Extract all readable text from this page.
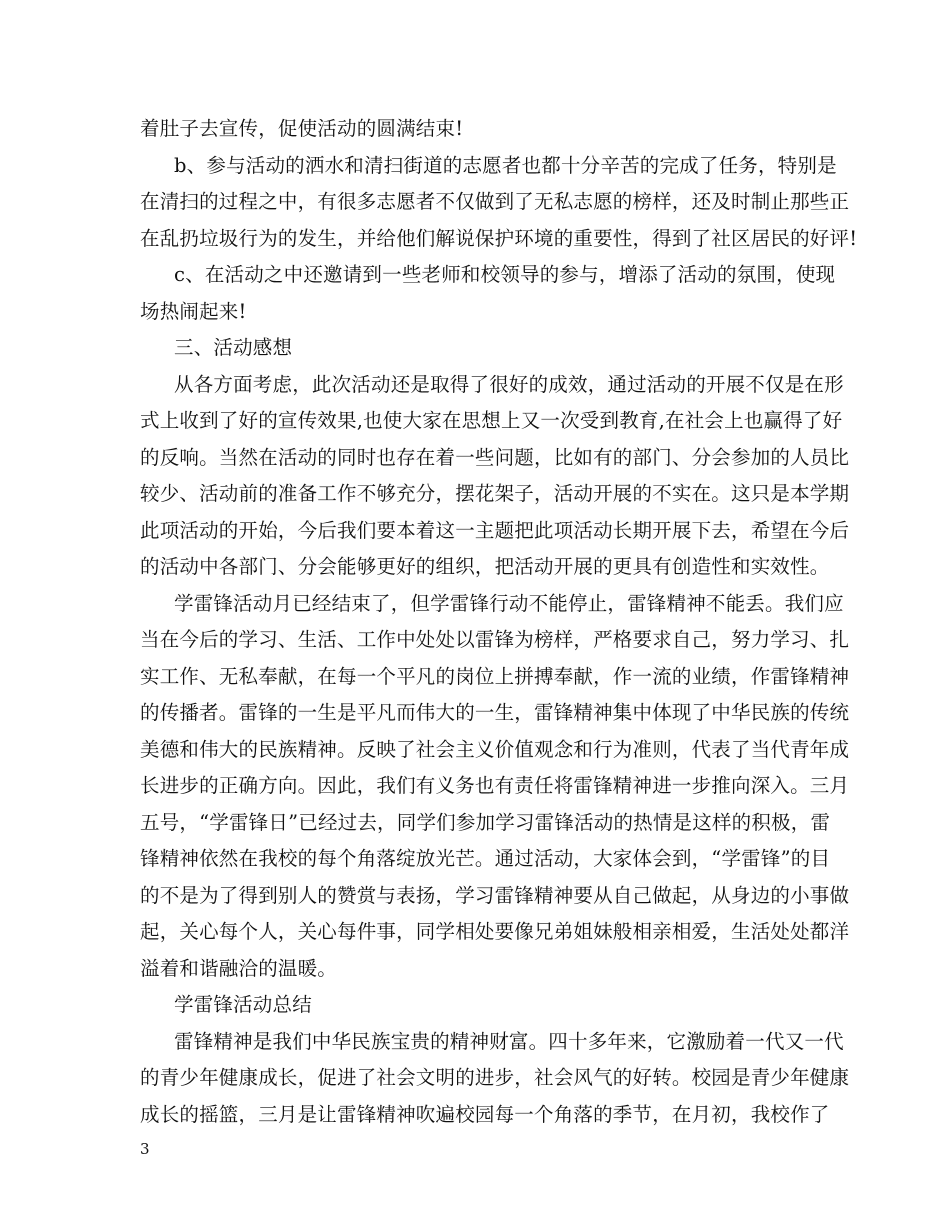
着肚子去宣传，促使活动的圆满结束!
b、参与活动的洒水和清扫街道的志愿者也都十分辛苦的完成了任务，特别是
在清扫的过程之中，有很多志愿者不仅做到了无私志愿的榜样，还及时制止那些正
在乱扔垃圾行为的发生，并给他们解说保护环境的重要性，得到了社区居民的好评!
c、在活动之中还邀请到一些老师和校领导的参与，增添了活动的氛围，使现
场热闹起来!
三、活动感想
从各方面考虑，此次活动还是取得了很好的成效，通过活动的开展不仅是在形
式上收到了好的宣传效果,也使大家在思想上又一次受到教育,在社会上也赢得了好
的反响。当然在活动的同时也存在着一些问题，比如有的部门、分会参加的人员比
较少、活动前的准备工作不够充分，摆花架子，活动开展的不实在。这只是本学期
此项活动的开始，今后我们要本着这一主题把此项活动长期开展下去，希望在今后
的活动中各部门、分会能够更好的组织，把活动开展的更具有创造性和实效性。
学雷锋活动月已经结束了，但学雷锋行动不能停止，雷锋精神不能丢。我们应
当在今后的学习、生活、工作中处处以雷锋为榜样，严格要求自己，努力学习、扎
实工作、无私奉献，在每一个平凡的岗位上拼搏奉献，作一流的业绩，作雷锋精神
的传播者。雷锋的一生是平凡而伟大的一生，雷锋精神集中体现了中华民族的传统
美德和伟大的民族精神。反映了社会主义价值观念和行为准则，代表了当代青年成
长进步的正确方向。因此，我们有义务也有责任将雷锋精神进一步推向深入。三月
五号，“学雷锋日”已经过去，同学们参加学习雷锋活动的热情是这样的积极，雷
锋精神依然在我校的每个角落绽放光芒。通过活动，大家体会到，“学雷锋”的目
的不是为了得到别人的赞赏与表扬，学习雷锋精神要从自己做起，从身边的小事做
起，关心每个人，关心每件事，同学相处要像兄弟姐妹般相亲相爱，生活处处都洋
溢着和谐融洽的温暖。
学雷锋活动总结
雷锋精神是我们中华民族宝贵的精神财富。四十多年来，它激励着一代又一代
的青少年健康成长，促进了社会文明的进步，社会风气的好转。校园是青少年健康
成长的摇篮，三月是让雷锋精神吹遍校园每一个角落的季节，在月初，我校作了
3
